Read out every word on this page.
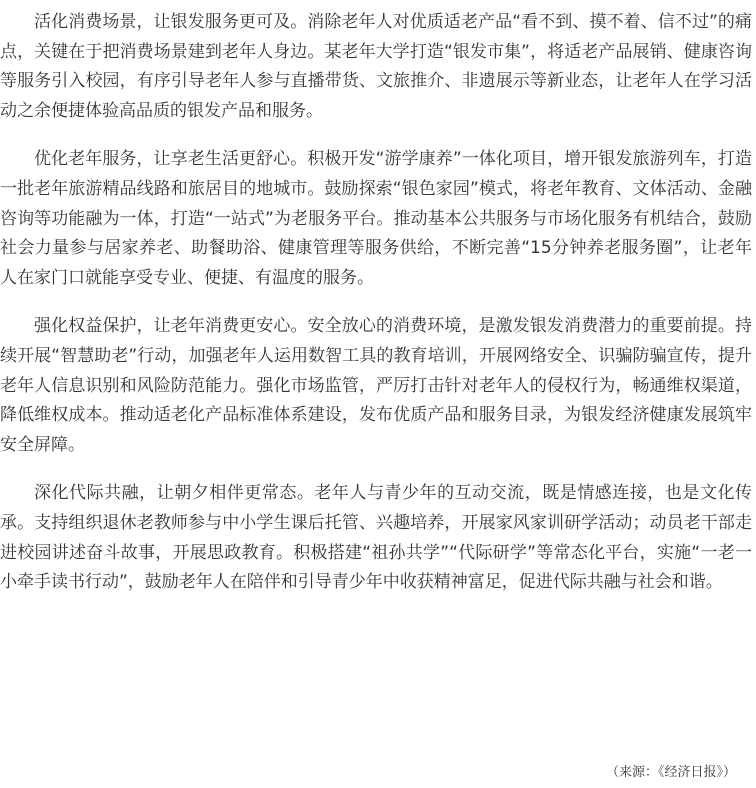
活化消费场景，让银发服务更可及。消除老年人对优质适老产品“看不到、摸不着、信不过”的痛点，关键在于把消费场景建到老年人身边。某老年大学打造“银发市集”，将适老产品展销、健康咨询等服务引入校园，有序引导老年人参与直播带货、文旅推介、非遗展示等新业态，让老年人在学习活动之余便捷体验高品质的银发产品和服务。

优化老年服务，让享老生活更舒心。积极开发“游学康养”一体化项目，增开银发旅游列车，打造一批老年旅游精品线路和旅居目的地城市。鼓励探索“银色家园”模式，将老年教育、文体活动、金融咨询等功能融为一体，打造“一站式”为老服务平台。推动基本公共服务与市场化服务有机结合，鼓励社会力量参与居家养老、助餐助浴、健康管理等服务供给，不断完善“15分钟养老服务圈”，让老年人在家门口就能享受专业、便捷、有温度的服务。

强化权益保护，让老年消费更安心。安全放心的消费环境，是激发银发消费潜力的重要前提。持续开展“智慧助老”行动，加强老年人运用数智工具的教育培训，开展网络安全、识骗防骗宣传，提升老年人信息识别和风险防范能力。强化市场监管，严厉打击针对老年人的侵权行为，畅通维权渠道，降低维权成本。推动适老化产品标准体系建设，发布优质产品和服务目录，为银发经济健康发展筑牢安全屏障。

深化代际共融，让朝夕相伴更常态。老年人与青少年的互动交流，既是情感连接，也是文化传承。支持组织退休老教师参与中小学生课后托管、兴趣培养，开展家风家训研学活动；动员老干部走进校园讲述奋斗故事，开展思政教育。积极搭建“祖孙共学”“代际研学”等常态化平台，实施“一老一小牵手读书行动”，鼓励老年人在陪伴和引导青少年中收获精神富足，促进代际共融与社会和谐。

（来源：《经济日报》）
